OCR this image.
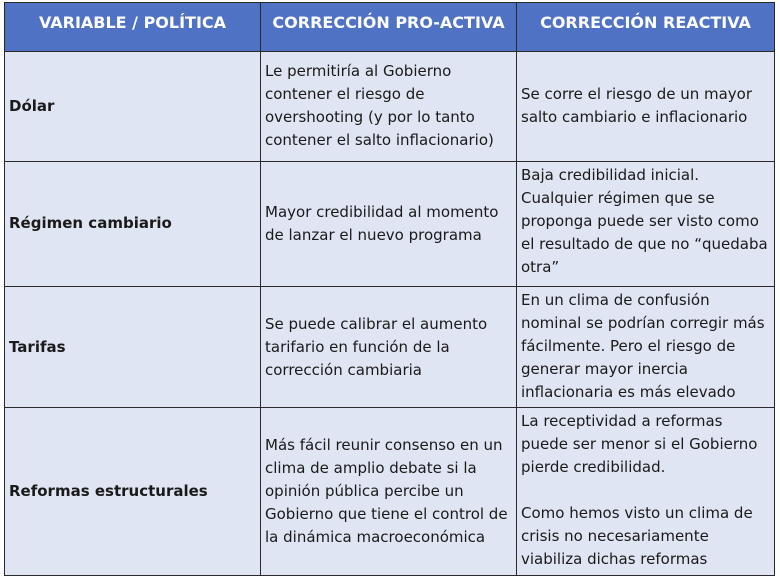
VARIABLE / POLÍTICA	CORRECCIÓN PRO-ACTIVA	CORRECCIÓN REACTIVA
Dólar	Le permitiría al Gobierno contener el riesgo de overshooting (y por lo tanto contener el salto inflacionario)	Se corre el riesgo de un mayor salto cambiario e inflacionario
Régimen cambiario	Mayor credibilidad al momento de lanzar el nuevo programa	Baja credibilidad inicial. Cualquier régimen que se proponga puede ser visto como el resultado de que no “quedaba otra”
Tarifas	Se puede calibrar el aumento tarifario en función de la corrección cambiaria	En un clima de confusión nominal se podrían corregir más fácilmente. Pero el riesgo de generar mayor inercia inflacionaria es más elevado
Reformas estructurales	Más fácil reunir consenso en un clima de amplio debate si la opinión pública percibe un Gobierno que tiene el control de la dinámica macroeconómica	La receptividad a reformas puede ser menor si el Gobierno pierde credibilidad.
Como hemos visto un clima de crisis no necesariamente viabiliza dichas reformas
